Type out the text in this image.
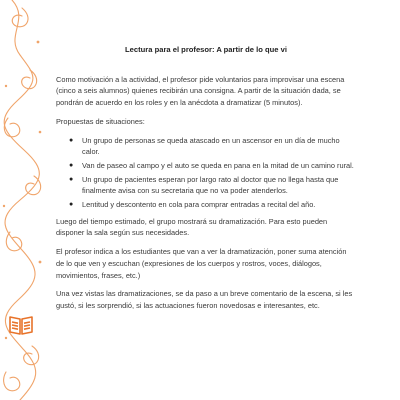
Lectura para el profesor: A partir de lo que vi

Como motivación a la actividad, el profesor pide voluntarios para improvisar una escena (cinco a seis alumnos) quienes recibirán una consigna. A partir de la situación dada, se pondrán de acuerdo en los roles y en la anécdota a dramatizar (5 minutos).

Propuestas de situaciones:

● Un grupo de personas se queda atascado en un ascensor en un día de mucho calor.
● Van de paseo al campo y el auto se queda en pana en la mitad de un camino rural.
● Un grupo de pacientes esperan por largo rato al doctor que no llega hasta que finalmente avisa con su secretaria que no va poder atenderlos.
● Lentitud y descontento en cola para comprar entradas a recital del año.

Luego del tiempo estimado, el grupo mostrará su dramatización. Para esto pueden disponer la sala según sus necesidades.

El profesor indica a los estudiantes que van a ver la dramatización, poner suma atención de lo que ven y escuchan (expresiones de los cuerpos y rostros, voces, diálogos, movimientos, frases, etc.)

Una vez vistas las dramatizaciones, se da paso a un breve comentario de la escena, si les gustó, si les sorprendió, si las actuaciones fueron novedosas e interesantes, etc.
